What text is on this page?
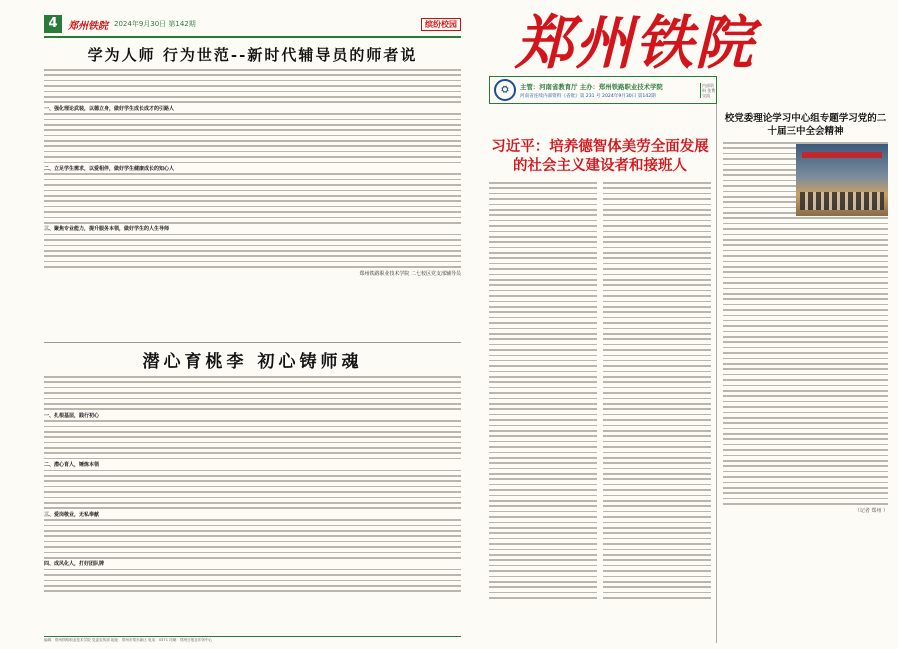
4	郑州铁院 2024年9月30日 第142期	缤纷校园
学为人师 行为世范--新时代辅导员的师者说
一、强化理论武装，以德立身，做好学生成长成才的引路人
二、立足学生需求，以爱相伴，做好学生健康成长的知心人
三、聚焦专业能力，提升服务本领，做好学生的人生导师
郑州铁路职业技术学院 二七校区党支部辅导员
潜心育桃李 初心铸师魂
一、扎根基层，践行初心
二、潜心育人，锤炼本领
三、爱岗敬业，无私奉献
四、成风化人，打好团队牌
编辑：郑州铁路职业技术学院 党委宣传部 地址：郑州市郑东新区 电话：0371 印刷：郑州日报社印务中心
郑州铁院
⛭	主管：河南省教育厅 主办：郑州铁路职业技术学院
河南省连续内部资料《省批》第 231 号 2024年9月30日 第142期
内部资料 免费交流
习近平：培养德智体美劳全面发展的社会主义建设者和接班人
校党委理论学习中心组专题学习党的二十届三中全会精神
（记者 郑州 ）
